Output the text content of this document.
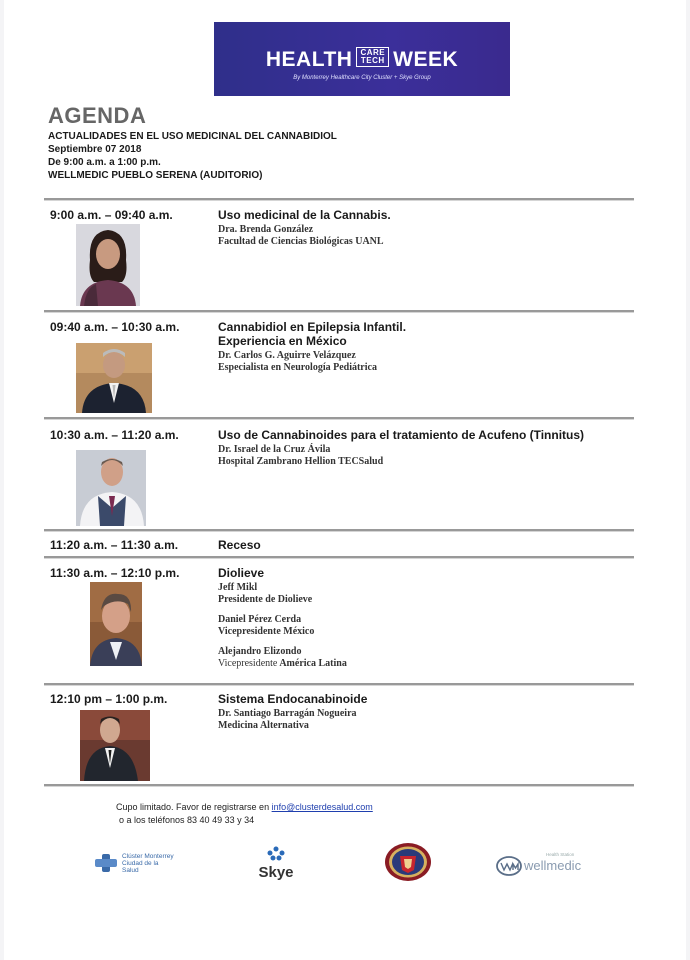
HEALTH CARE
TECH WEEK
By Monterrey Healthcare City Cluster + Skye Group
AGENDA
ACTUALIDADES EN EL USO MEDICINAL DEL CANNABIDIOL
Septiembre 07 2018
De 9:00 a.m. a 1:00 p.m.
WELLMEDIC PUEBLO SERENA (AUDITORIO)
9:00 a.m. – 09:40 a.m.	Uso medicinal de la Cannabis.
Dra. Brenda González
Facultad de Ciencias Biológicas UANL
09:40 a.m. – 10:30 a.m.	Cannabidiol en Epilepsia Infantil.
Experiencia en México
Dr. Carlos G. Aguirre Velázquez
Especialista en Neurología Pediátrica
10:30 a.m. – 11:20 a.m.	Uso de Cannabinoides para el tratamiento de Acufeno (Tinnitus)
Dr. Israel de la Cruz Ávila
Hospital Zambrano Hellion TECSalud
11:20 a.m. – 11:30 a.m.	Receso
11:30 a.m. – 12:10 p.m.	Diolieve
Jeff Mikl
Presidente de Diolieve
Daniel Pérez Cerda
Vicepresidente México
Alejandro Elizondo
Vicepresidente América Latina
12:10 pm – 1:00 p.m.	Sistema Endocanabinoide
Dr. Santiago Barragán Nogueira
Medicina Alternativa
Cupo limitado. Favor de registrarse en info@clusterdesalud.com
o a los teléfonos 83 40 49 33 y 34
Clúster Monterrey
Ciudad de la
Salud	Skye
Health Station
wellmedic
